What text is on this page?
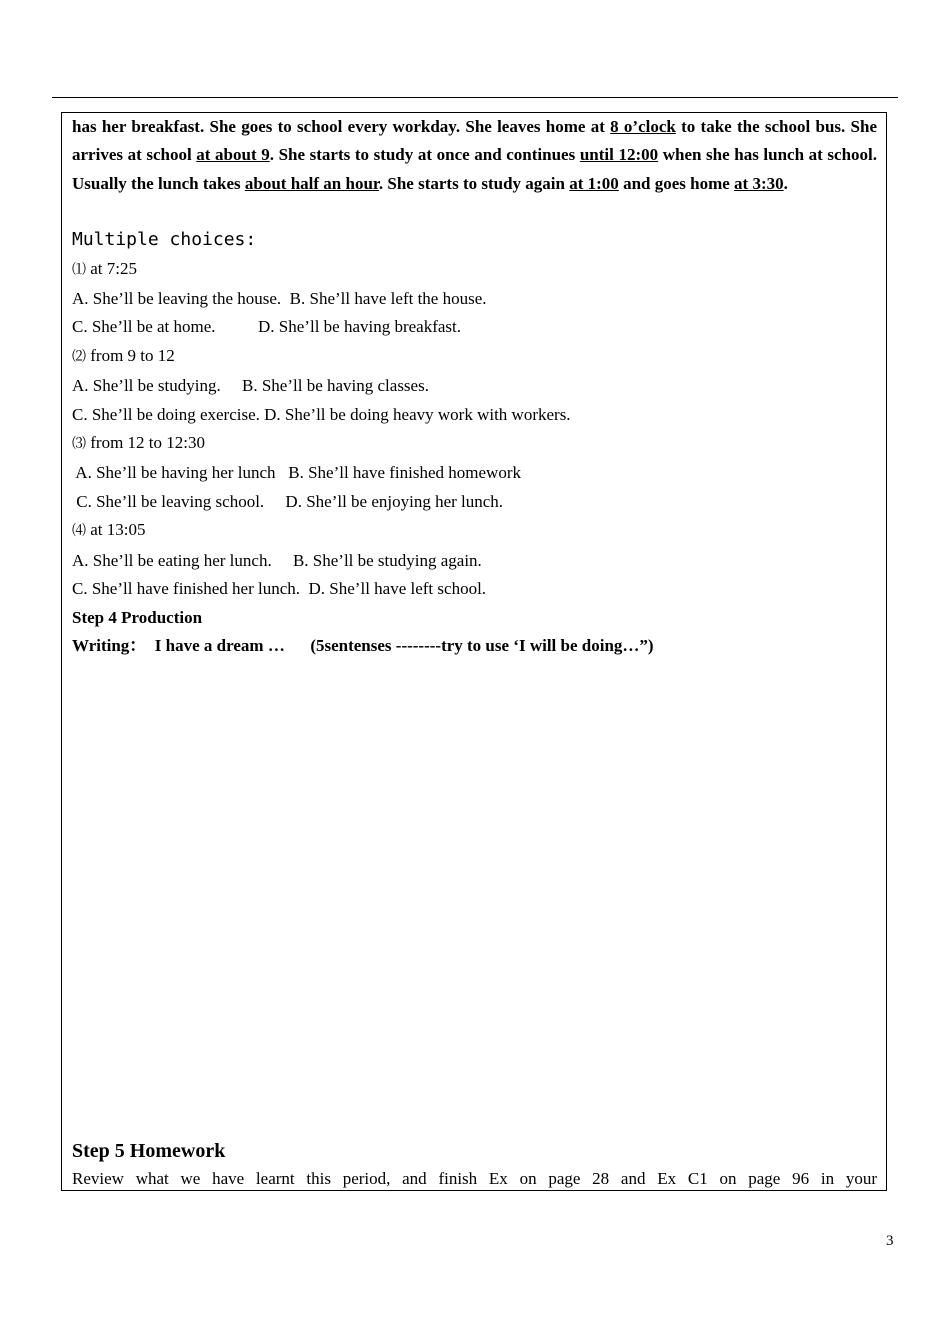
has her breakfast. She goes to school every workday. She leaves home at 8 o’clock to take the school bus. She arrives at school at about 9. She starts to study at once and continues until 12:00 when she has lunch at school. Usually the lunch takes about half an hour. She starts to study again at 1:00 and goes home at 3:30.

Multiple choices:

⑴ at 7:25

A. She’ll be leaving the house.  B. She’ll have left the house.

C. She’ll be at home.          D. She’ll be having breakfast.

⑵ from 9 to 12

A. She’ll be studying.     B. She’ll be having classes.

C. She’ll be doing exercise. D. She’ll be doing heavy work with workers.

⑶ from 12 to 12:30

A. She’ll be having her lunch   B. She’ll have finished homework

C. She’ll be leaving school.     D. She’ll be enjoying her lunch.

⑷ at 13:05

A. She’ll be eating her lunch.     B. She’ll be studying again.

C. She’ll have finished her lunch.  D. She’ll have left school.

Step 4 Production

Writing：  I have a dream …      (5sentenses --------try to use ‘I will be doing…”)

Step 5 Homework

Review what we have learnt this period, and finish Ex on page 28 and Ex C1 on page 96 in your

3
